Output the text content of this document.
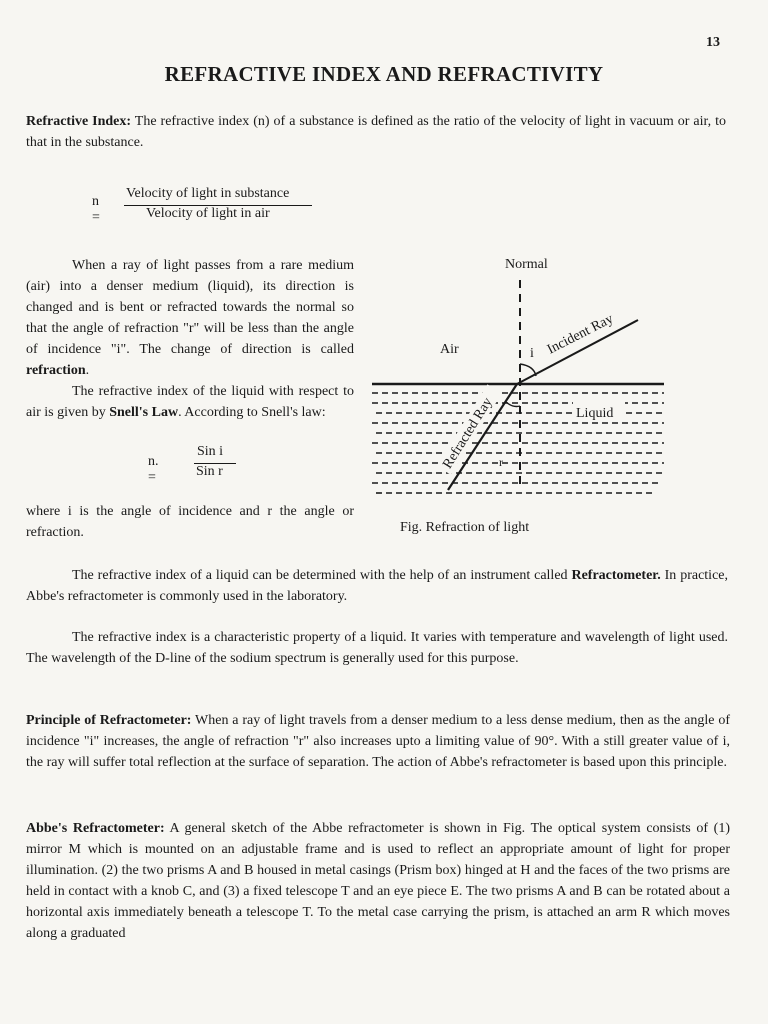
13
REFRACTIVE INDEX AND REFRACTIVITY

Refractive Index: The refractive index (n) of a substance is defined as the ratio of the velocity of light in vacuum or air, to that in the substance.

n =
Velocity of light in substance
Velocity of light in air

When a ray of light passes from a rare medium (air) into a denser medium (liquid), its direction is changed and is bent or refracted towards the normal so that the angle of refraction "r" will be less than the angle of incidence "i". The change of direction is called refraction.
The refractive index of the liquid with respect to air is given by Snell's Law. According to Snell's law:

n. =
Sin i
Sin r

where i is the angle of incidence and r the angle or refraction.

Normal
Air	i Incident Ray
Liquid
Refracted Ray r
Fig. Refraction of light

The refractive index of a liquid can be determined with the help of an instrument called Refractometer. In practice, Abbe's refractometer is commonly used in the laboratory.

The refractive index is a characteristic property of a liquid. It varies with temperature and wavelength of light used. The wavelength of the D-line of the sodium spectrum is generally used for this purpose.

Principle of Refractometer: When a ray of light travels from a denser medium to a less dense medium, then as the angle of incidence "i" increases, the angle of refraction "r" also increases upto a limiting value of 90°. With a still greater value of i, the ray will suffer total reflection at the surface of separation. The action of Abbe's refractometer is based upon this principle.

Abbe's Refractometer: A general sketch of the Abbe refractometer is shown in Fig. The optical system consists of (1) mirror M which is mounted on an adjustable frame and is used to reflect an appropriate amount of light for proper illumination. (2) the two prisms A and B housed in metal casings (Prism box) hinged at H and the faces of the two prisms are held in contact with a knob C, and (3) a fixed telescope T and an eye piece E. The two prisms A and B can be rotated about a horizontal axis immediately beneath a telescope T. To the metal case carrying the prism, is attached an arm R which moves along a graduated
